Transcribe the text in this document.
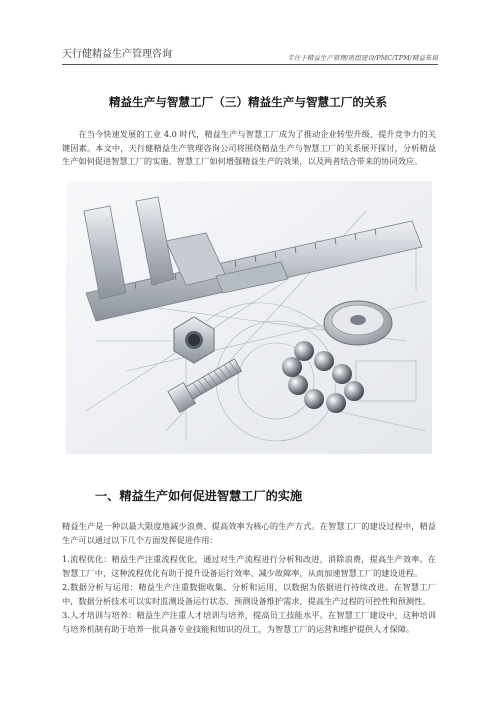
天行健精益生产管理咨询	专注于精益生产管理/班组建设/PMC/TPM/精益布局
精益生产与智慧工厂（三）精益生产与智慧工厂的关系

在当今快速发展的工业 4.0 时代，精益生产与智慧工厂成为了推动企业转型升级、提升竞争力的关键因素。本文中，天行健精益生产管理咨询公司将围绕精益生产与智慧工厂的关系展开探讨，分析精益生产如何促进智慧工厂的实施、智慧工厂如何增强精益生产的效果，以及两者结合带来的协同效应。

一、精益生产如何促进智慧工厂的实施

精益生产是一种以最大限度地减少浪费、提高效率为核心的生产方式。在智慧工厂的建设过程中，精益生产可以通过以下几个方面发挥促进作用：

1.流程优化：精益生产注重流程优化，通过对生产流程进行分析和改进，消除浪费，提高生产效率。在智慧工厂中，这种流程优化有助于提升设备运行效率、减少故障率，从而加速智慧工厂的建设进程。
2.数据分析与运用：精益生产注重数据收集、分析和运用，以数据为依据进行持续改进。在智慧工厂中，数据分析技术可以实时监测设备运行状态、预测设备维护需求，提高生产过程的可控性和预测性。
3.人才培训与培养：精益生产注重人才培训与培养，提高员工技能水平。在智慧工厂建设中，这种培训与培养机制有助于培养一批具备专业技能和知识的员工，为智慧工厂的运营和维护提供人才保障。
